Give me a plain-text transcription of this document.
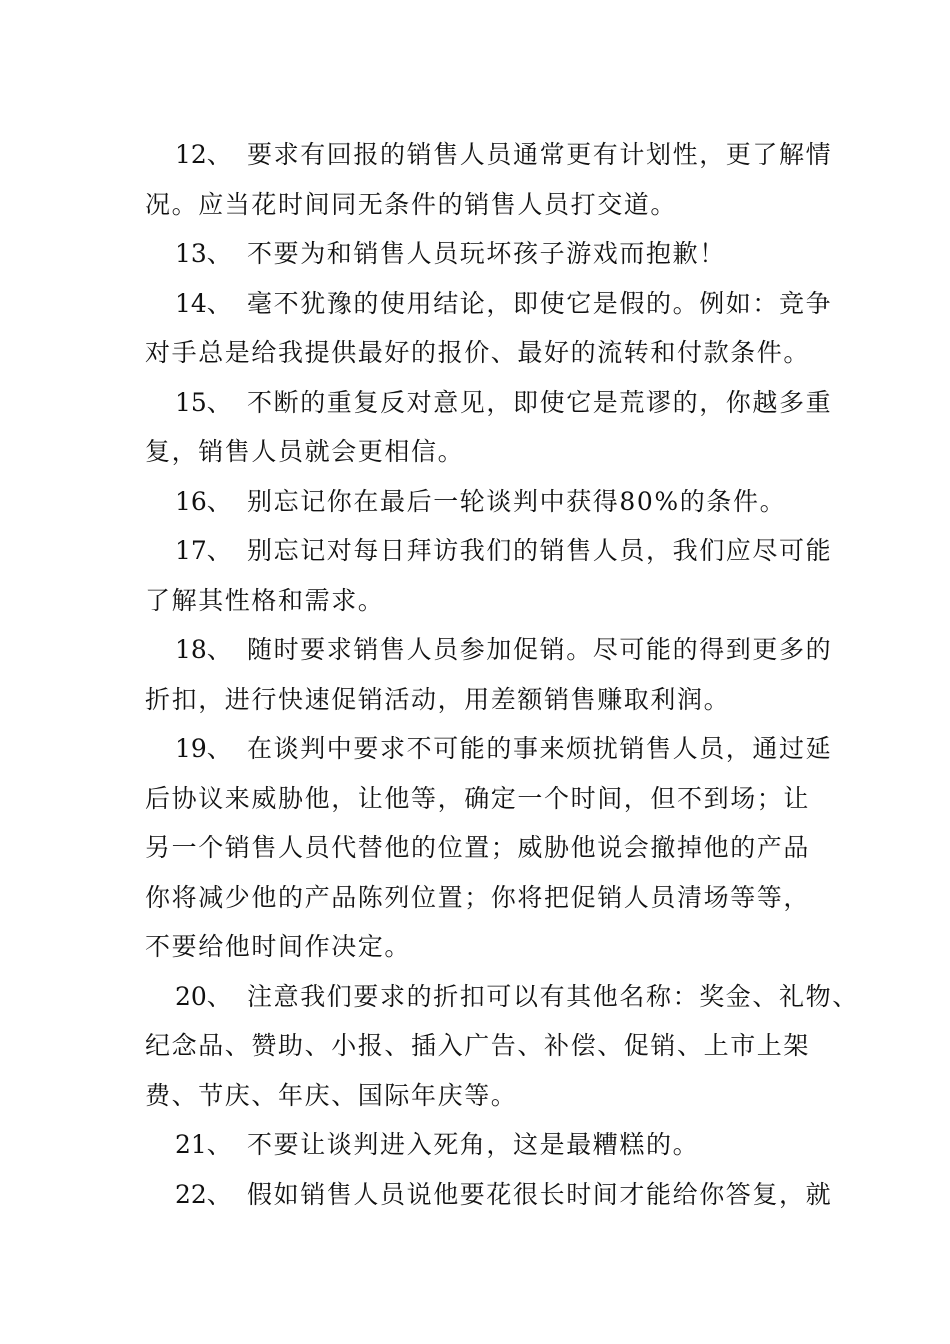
12、 要求有回报的销售人员通常更有计划性，更了解情
况。应当花时间同无条件的销售人员打交道。
13、 不要为和销售人员玩坏孩子游戏而抱歉！
14、 毫不犹豫的使用结论，即使它是假的。例如：竞争
对手总是给我提供最好的报价、最好的流转和付款条件。
15、 不断的重复反对意见，即使它是荒谬的，你越多重
复，销售人员就会更相信。
16、 别忘记你在最后一轮谈判中获得80%的条件。
17、 别忘记对每日拜访我们的销售人员，我们应尽可能
了解其性格和需求。
18、 随时要求销售人员参加促销。尽可能的得到更多的
折扣，进行快速促销活动，用差额销售赚取利润。
19、 在谈判中要求不可能的事来烦扰销售人员，通过延
后协议来威胁他，让他等，确定一个时间，但不到场；让
另一个销售人员代替他的位置；威胁他说会撤掉他的产品
你将减少他的产品陈列位置；你将把促销人员清场等等，
不要给他时间作决定。
20、 注意我们要求的折扣可以有其他名称：奖金、礼物、
纪念品、赞助、小报、插入广告、补偿、促销、上市上架
费、节庆、年庆、国际年庆等。
21、 不要让谈判进入死角，这是最糟糕的。
22、 假如销售人员说他要花很长时间才能给你答复，就
